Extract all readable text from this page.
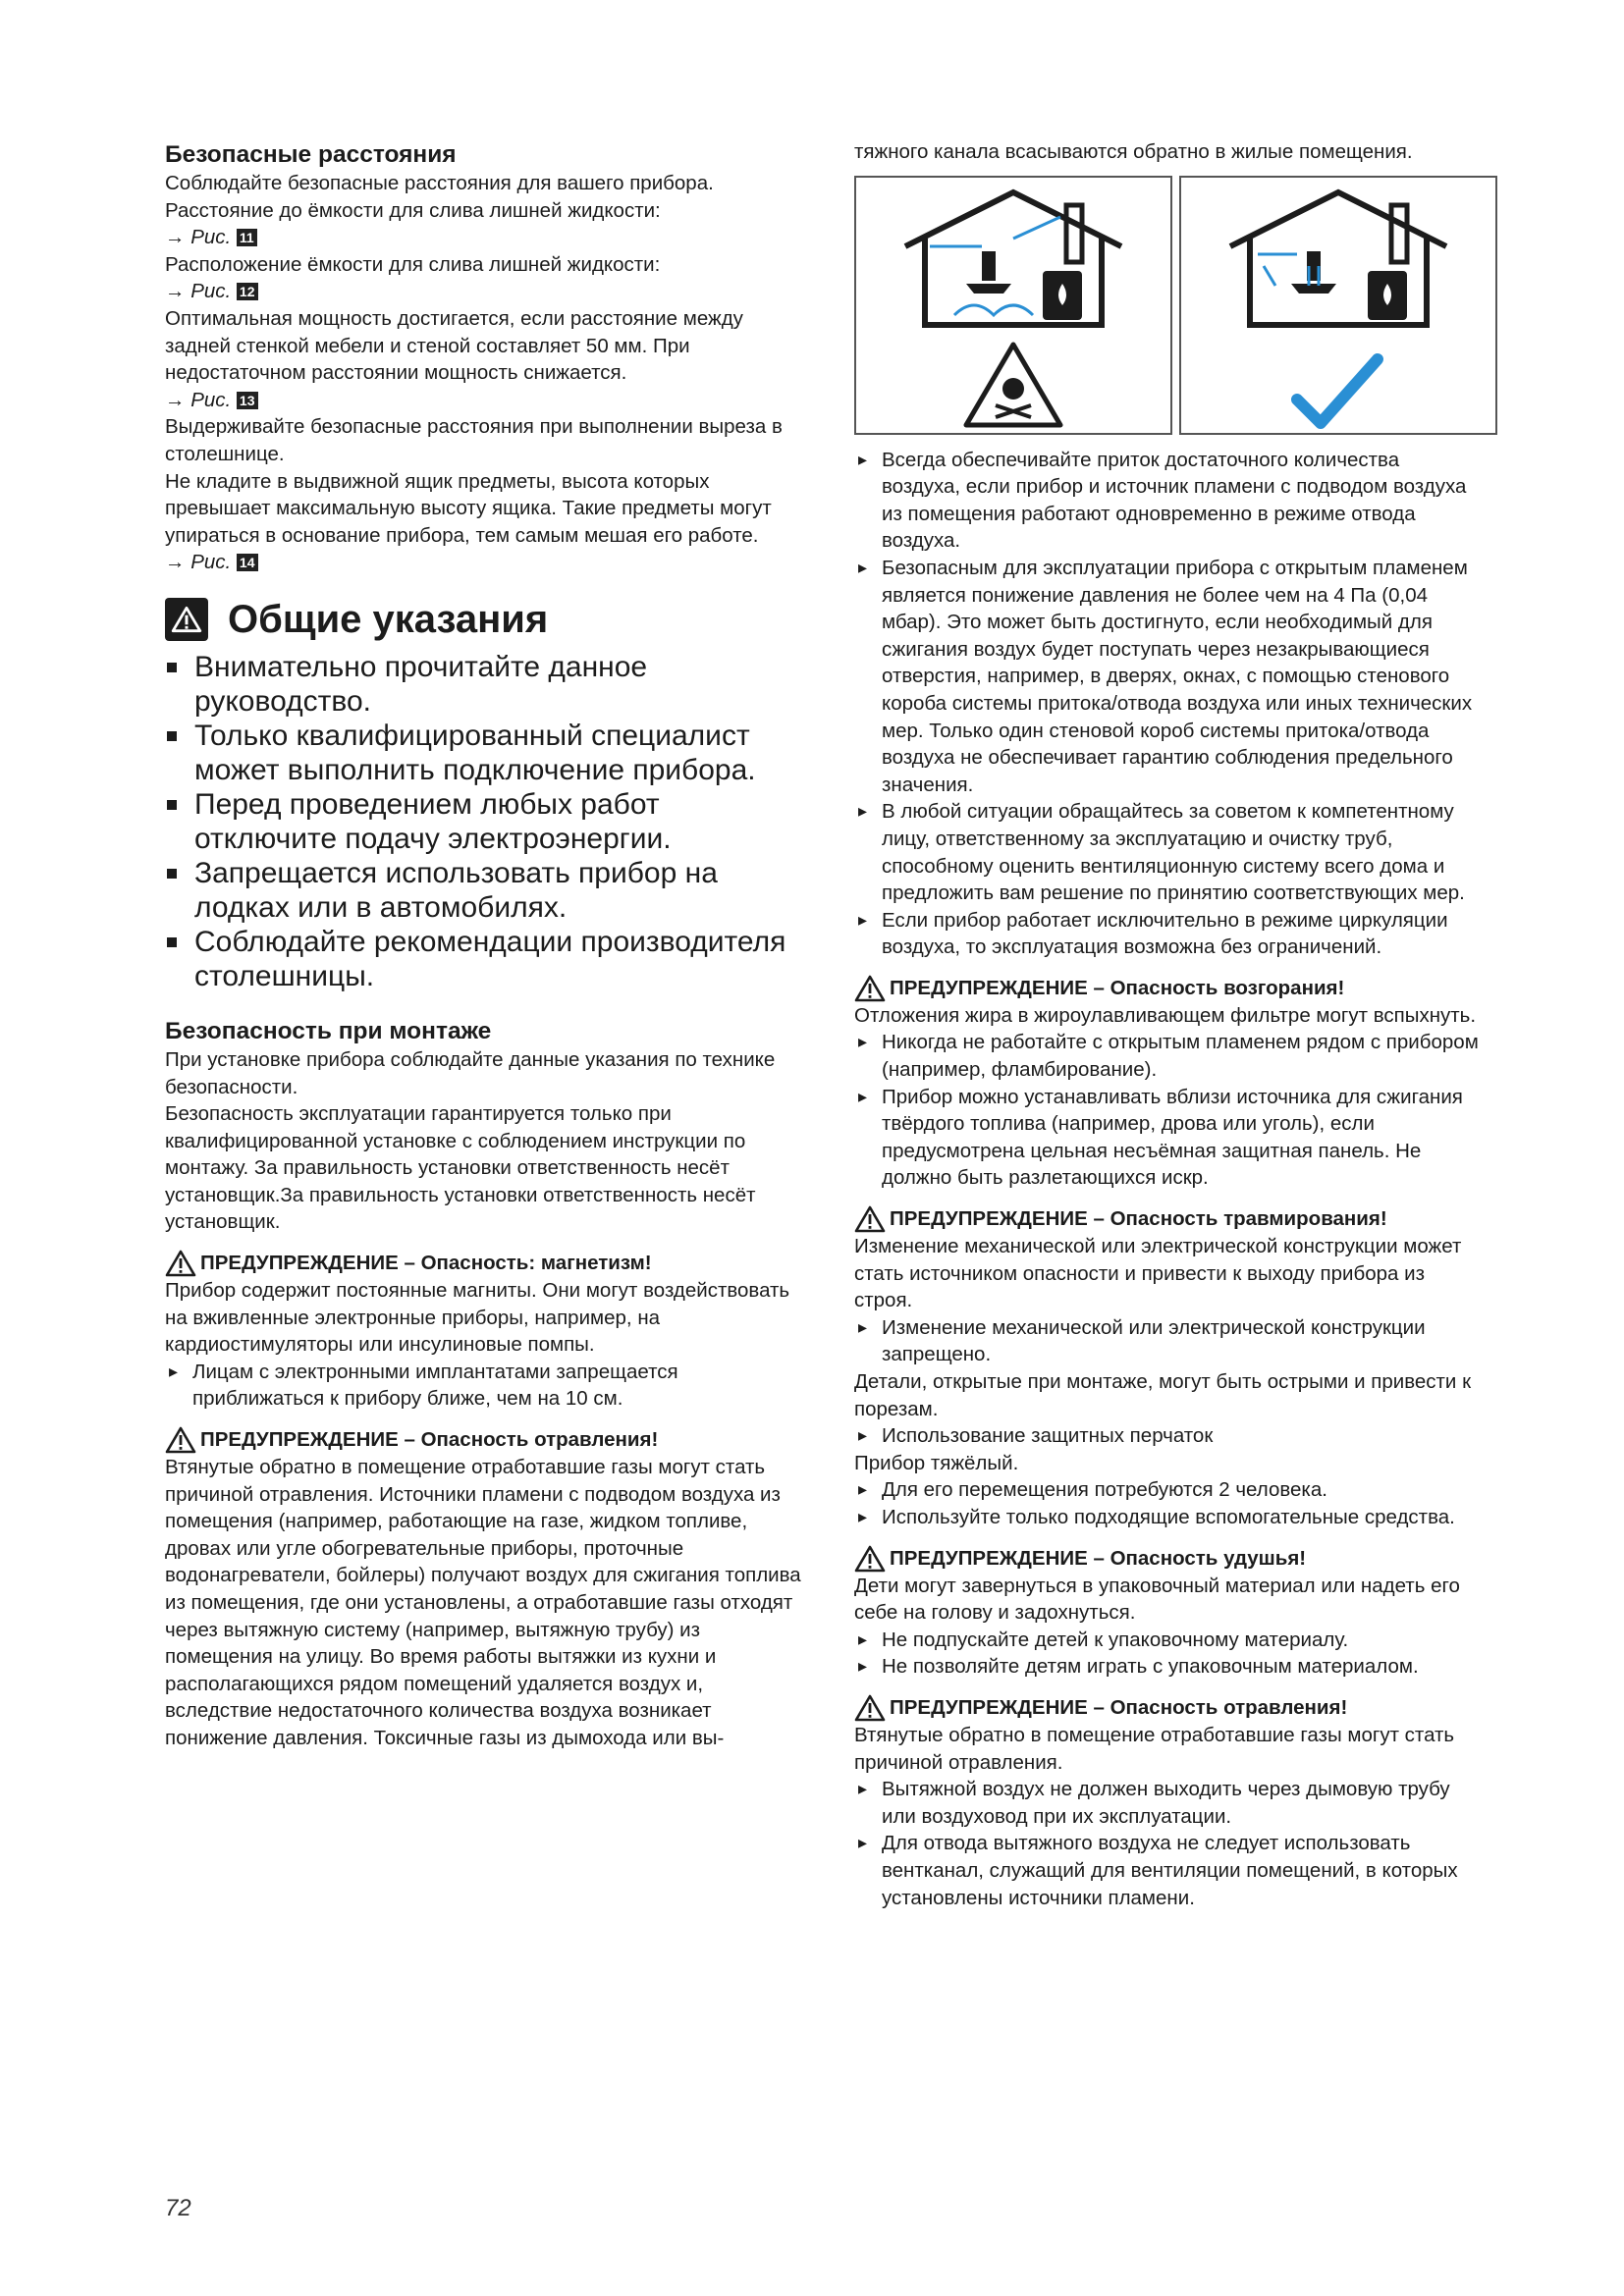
Безопасные расстояния

Соблюдайте безопасные расстояния для вашего прибора.

Расстояние до ёмкости для слива лишней жидкости:

→ Рис. 11

Расположение ёмкости для слива лишней жидкости:

→ Рис. 12

Оптимальная мощность достигается, если расстояние между задней стенкой мебели и стеной составляет 50 мм. При недостаточном расстоянии мощность снижается.

→ Рис. 13

Выдерживайте безопасные расстояния при выполнении выреза в столешнице.

Не кладите в выдвижной ящик предметы, высота которых превышает максимальную высоту ящика. Такие предметы могут упираться в основание прибора, тем самым мешая его работе.

→ Рис. 14

Общие указания
Внимательно прочитайте данное руководство.
Только квалифицированный специалист может выполнить подключение прибора.
Перед проведением любых работ отключите подачу электроэнергии.
Запрещается использовать прибор на лодках или в автомобилях.
Соблюдайте рекомендации производителя столешницы.
Безопасность при монтаже

При установке прибора соблюдайте данные указания по технике безопасности.

Безопасность эксплуатации гарантируется только при квалифицированной установке с соблюдением инструкции по монтажу. За правильность установки ответственность несёт установщик.За правильность установки ответственность несёт установщик.

ПРЕДУПРЕЖДЕНИЕ – Опасность: магнетизм!

Прибор содержит постоянные магниты. Они могут воздействовать на вживленные электронные приборы, например, на кардиостимуляторы или инсулиновые помпы.

▸ Лицам с электронными имплантатами запрещается приближаться к прибору ближе, чем на 10 см.
ПРЕДУПРЕЖДЕНИЕ – Опасность отравления!

Втянутые обратно в помещение отработавшие газы могут стать причиной отравления. Источники пламени с подводом воздуха из помещения (например, работающие на газе, жидком топливе, дровах или угле обогревательные приборы, проточные водонагреватели, бойлеры) получают воздух для сжигания топлива из помещения, где они установлены, а отработавшие газы отходят через вытяжную систему (например, вытяжную трубу) из помещения на улицу. Во время работы вытяжки из кухни и располагающихся рядом помещений удаляется воздух и, вследствие недостаточного количества воздуха возникает понижение давления. Токсичные газы из дымохода или вы-

тяжного канала всасываются обратно в жилые помещения.

▸ Всегда обеспечивайте приток достаточного количества воздуха, если прибор и источник пламени с подводом воздуха из помещения работают одновременно в режиме отвода воздуха.
▸ Безопасным для эксплуатации прибора с открытым пламенем является понижение давления не более чем на 4 Па (0,04 мбар). Это может быть достигнуто, если необходимый для сжигания воздух будет поступать через незакрывающиеся отверстия, например, в дверях, окнах, с помощью стенового короба системы притока/отвода воздуха или иных технических мер. Только один стеновой короб системы притока/отвода воздуха не обеспечивает гарантию соблюдения предельного значения.
▸ В любой ситуации обращайтесь за советом к компетентному лицу, ответственному за эксплуатацию и очистку труб, способному оценить вентиляционную систему всего дома и предложить вам решение по принятию соответствующих мер.
▸ Если прибор работает исключительно в режиме циркуляции воздуха, то эксплуатация возможна без ограничений.
ПРЕДУПРЕЖДЕНИЕ – Опасность возгорания!

Отложения жира в жироулавливающем фильтре могут вспыхнуть.

▸ Никогда не работайте с открытым пламенем рядом с прибором (например, фламбирование).
▸ Прибор можно устанавливать вблизи источника для сжигания твёрдого топлива (например, дрова или уголь), если предусмотрена цельная несъёмная защитная панель. Не должно быть разлетающихся искр.
ПРЕДУПРЕЖДЕНИЕ – Опасность травмирования!

Изменение механической или электрической конструкции может стать источником опасности и привести к выходу прибора из строя.

▸ Изменение механической или электрической конструкции запрещено.

Детали, открытые при монтаже, могут быть острыми и привести к порезам.

▸ Использование защитных перчаток

Прибор тяжёлый.

▸ Для его перемещения потребуются 2 человека.
▸ Используйте только подходящие вспомогательные средства.
ПРЕДУПРЕЖДЕНИЕ – Опасность удушья!

Дети могут завернуться в упаковочный материал или надеть его себе на голову и задохнуться.

▸ Не подпускайте детей к упаковочному материалу.
▸ Не позволяйте детям играть с упаковочным материалом.
ПРЕДУПРЕЖДЕНИЕ – Опасность отравления!

Втянутые обратно в помещение отработавшие газы могут стать причиной отравления.

▸ Вытяжной воздух не должен выходить через дымовую трубу или воздуховод при их эксплуатации.
▸ Для отвода вытяжного воздуха не следует использовать вентканал, служащий для вентиляции помещений, в которых установлены источники пламени.
72
